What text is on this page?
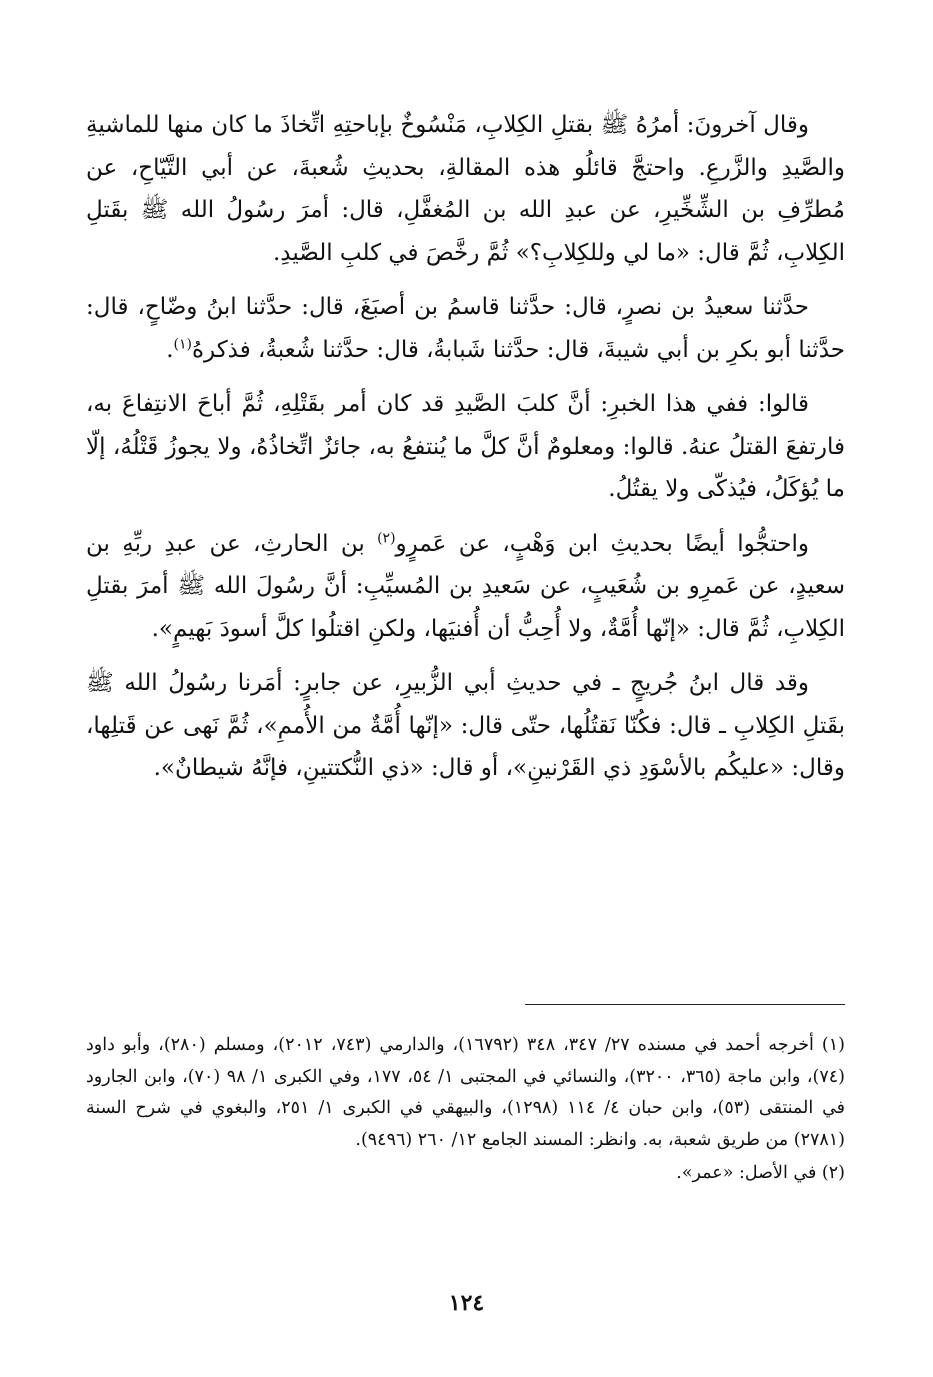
وقال آخرونَ: أمرُهُ ﷺ بقتلِ الكِلابِ، مَنْسُوخٌ بإباحتِهِ اتِّخاذَ ما كان منها للماشيةِ والصَّيدِ والزَّرعِ. واحتجَّ قائلُو هذه المقالةِ، بحديثِ شُعبةَ، عن أبي التَّيّاحِ، عن مُطرِّفِ بن الشِّخِّيرِ، عن عبدِ الله بن المُغفَّلِ، قال: أمرَ رسُولُ الله ﷺ بقَتلِ الكِلابِ، ثُمَّ قال: «ما لي وللكِلابِ؟» ثُمَّ رخَّصَ في كلبِ الصَّيدِ.

حدَّثنا سعيدُ بن نصرٍ، قال: حدَّثنا قاسمُ بن أصبَغَ، قال: حدَّثنا ابنُ وضّاحٍ، قال: حدَّثنا أبو بكرِ بن أبي شيبةَ، قال: حدَّثنا شَبابةُ، قال: حدَّثنا شُعبةُ، فذكرهُ$^{(١)}$.

قالوا: ففي هذا الخبرِ: أنَّ كلبَ الصَّيدِ قد كان أمر بقَتْلِهِ، ثُمَّ أباحَ الانتِفاعَ به، فارتفعَ القتلُ عنهُ. قالوا: ومعلومٌ أنَّ كلَّ ما يُنتفعُ به، جائزٌ اتِّخاذُهُ، ولا يجوزُ قَتْلُهُ، إلّا ما يُؤكَلُ، فيُذكّى ولا يقتُلُ.

واحتجُّوا أيضًا بحديثِ ابن وَهْبٍ، عن عَمرٍو$^{(٢)}$ بن الحارثِ، عن عبدِ ربِّهِ بن سعيدٍ، عن عَمرِو بن شُعَيبٍ، عن سَعيدِ بن المُسيِّبِ: أنَّ رسُولَ الله ﷺ أمرَ بقتلِ الكِلابِ، ثُمَّ قال: «إنّها أُمَّةٌ، ولا أُحِبُّ أن أُفنيَها، ولكنِ اقتلُوا كلَّ أسودَ بَهيمٍ».

وقد قال ابنُ جُريجٍ ـ في حديثِ أبي الزُّبيرِ، عن جابرٍ: أمَرنا رسُولُ الله ﷺ بقَتلِ الكِلابِ ـ قال: فكُنّا نَقتُلُها، حتّى قال: «إنّها أُمَّةٌ من الأُممِ»، ثُمَّ نَهى عن قَتلِها، وقال: «عليكُم بالأسْوَدِ ذي القَرْنينِ»، أو قال: «ذي النُّكتتينِ، فإنَّهُ شيطانٌ».

(١) أخرجه أحمد في مسنده ٢٧/ ٣٤٧، ٣٤٨ (١٦٧٩٢)، والدارمي (٧٤٣، ٢٠١٢)، ومسلم (٢٨٠)، وأبو داود (٧٤)، وابن ماجة (٣٦٥، ٣٢٠٠)، والنسائي في المجتبى ١/ ٥٤، ١٧٧، وفي الكبرى ١/ ٩٨ (٧٠)، وابن الجارود في المنتقى (٥٣)، وابن حبان ٤/ ١١٤ (١٢٩٨)، والبيهقي في الكبرى ١/ ٢٥١، والبغوي في شرح السنة (٢٧٨١) من طريق شعبة، به. وانظر: المسند الجامع ١٢/ ٢٦٠ (٩٤٩٦).

(٢) في الأصل: «عمر».

١٢٤
